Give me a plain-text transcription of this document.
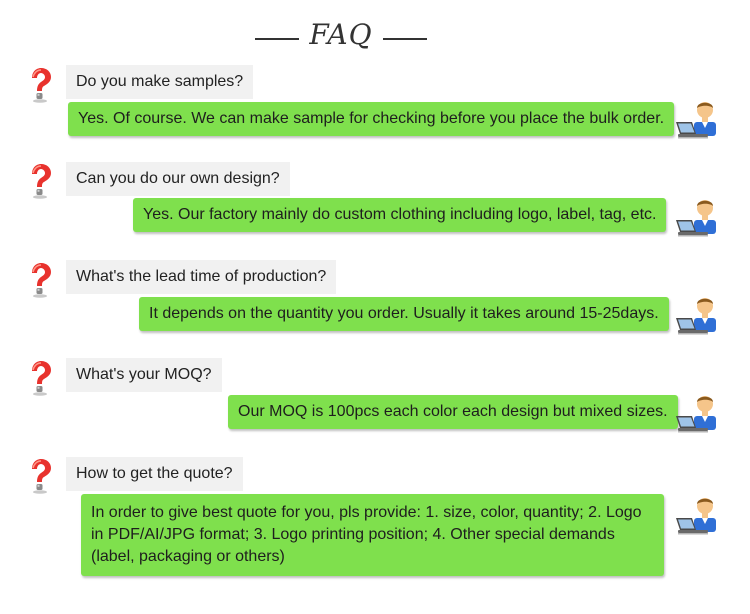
FAQ
Do you make samples?
Yes. Of course. We can make sample for checking before you place the bulk order.
Can you do our own design?
Yes. Our factory mainly do custom clothing including logo, label, tag, etc.
What's the lead time of production?
It depends on the quantity you order. Usually it takes around 15-25days.
What's your MOQ?
Our MOQ is 100pcs each color each design but mixed sizes.
How to get the quote?
In order to give best quote for you, pls provide: 1. size, color, quantity; 2. Logo in PDF/AI/JPG format; 3. Logo printing position; 4. Other special demands (label, packaging or others)
